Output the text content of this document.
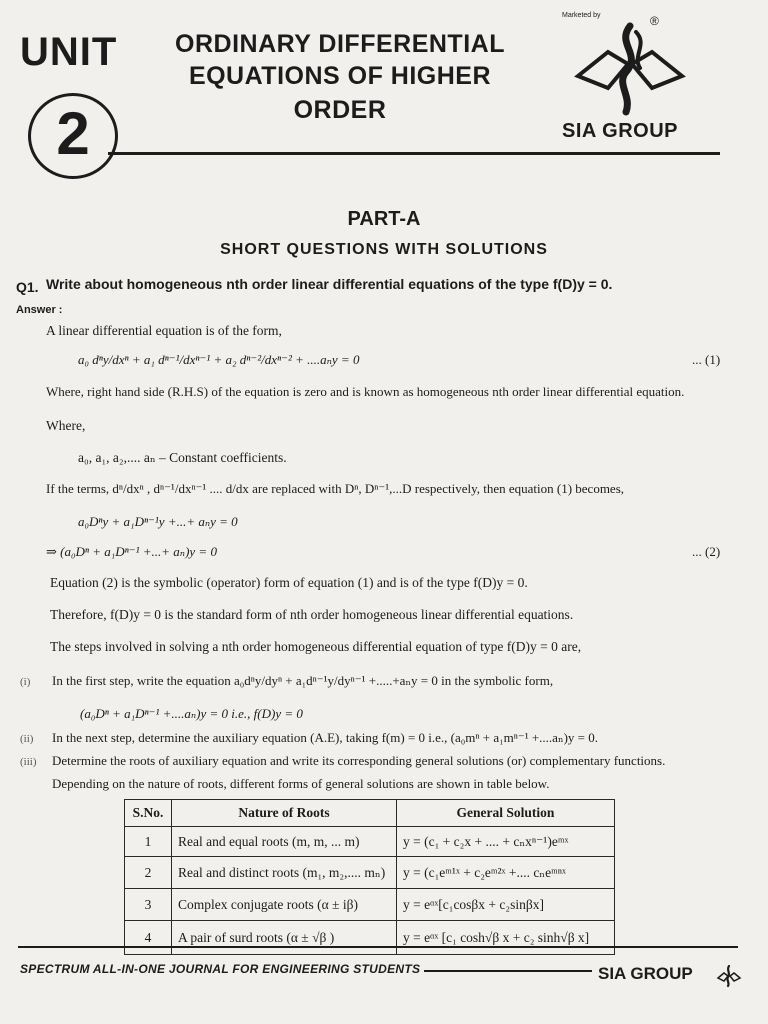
UNIT
2
ORDINARY DIFFERENTIAL
EQUATIONS OF HIGHER
ORDER
Marketed by	®
SIA GROUP
PART-A
SHORT QUESTIONS WITH SOLUTIONS
Q1. Write about homogeneous nth order linear differential equations of the type f(D)y = 0.
Answer :
A linear differential equation is of the form,
a₀ dⁿy/dxⁿ + a₁ dⁿ⁻¹/dxⁿ⁻¹ + a₂ dⁿ⁻²/dxⁿ⁻² + ....aₙy = 0	... (1)
Where, right hand side (R.H.S) of the equation is zero and is known as homogeneous nth order linear differential equation.
Where,
a₀, a₁, a₂,.... aₙ – Constant coefficients.
If the terms, dⁿ/dxⁿ , dⁿ⁻¹/dxⁿ⁻¹ .... d/dx are replaced with Dⁿ, Dⁿ⁻¹,...D respectively, then equation (1) becomes,
a₀Dⁿy + a₁Dⁿ⁻¹y +...+ aₙy = 0
⇒ (a₀Dⁿ + a₁Dⁿ⁻¹ +...+ aₙ)y = 0	... (2)
Equation (2) is the symbolic (operator) form of equation (1) and is of the type f(D)y = 0.
Therefore, f(D)y = 0 is the standard form of nth order homogeneous linear differential equations.
The steps involved in solving a nth order homogeneous differential equation of type f(D)y = 0 are,
(i) In the first step, write the equation a₀dⁿy/dyⁿ + a₁dⁿ⁻¹y/dyⁿ⁻¹ +.....+aₙy = 0 in the symbolic form,
(a₀Dⁿ + a₁Dⁿ⁻¹ +....aₙ)y = 0 i.e., f(D)y = 0
(ii) In the next step, determine the auxiliary equation (A.E), taking f(m) = 0 i.e., (a₀mⁿ + a₁mⁿ⁻¹ +....aₙ)y = 0.
(iii) Determine the roots of auxiliary equation and write its corresponding general solutions (or) complementary functions.
Depending on the nature of roots, different forms of general solutions are shown in table below.
S.No.	Nature of Roots	General Solution
1	Real and equal roots (m, m, ... m)	y = (c₁ + c₂x + .... + cₙxⁿ⁻¹)eᵐˣ
2	Real and distinct roots (m₁, m₂,.... mₙ)	y = (c₁eᵐ¹ˣ + c₂eᵐ²ˣ +.... cₙeᵐⁿˣ
3	Complex conjugate roots (α ± iβ)	y = eᵅˣ[c₁cosβx + c₂sinβx]
4	A pair of surd roots (α ± √β )	y = eᵅˣ [c₁ cosh√β x + c₂ sinh√β x]
SPECTRUM ALL-IN-ONE JOURNAL FOR ENGINEERING STUDENTS	SIA GROUP
